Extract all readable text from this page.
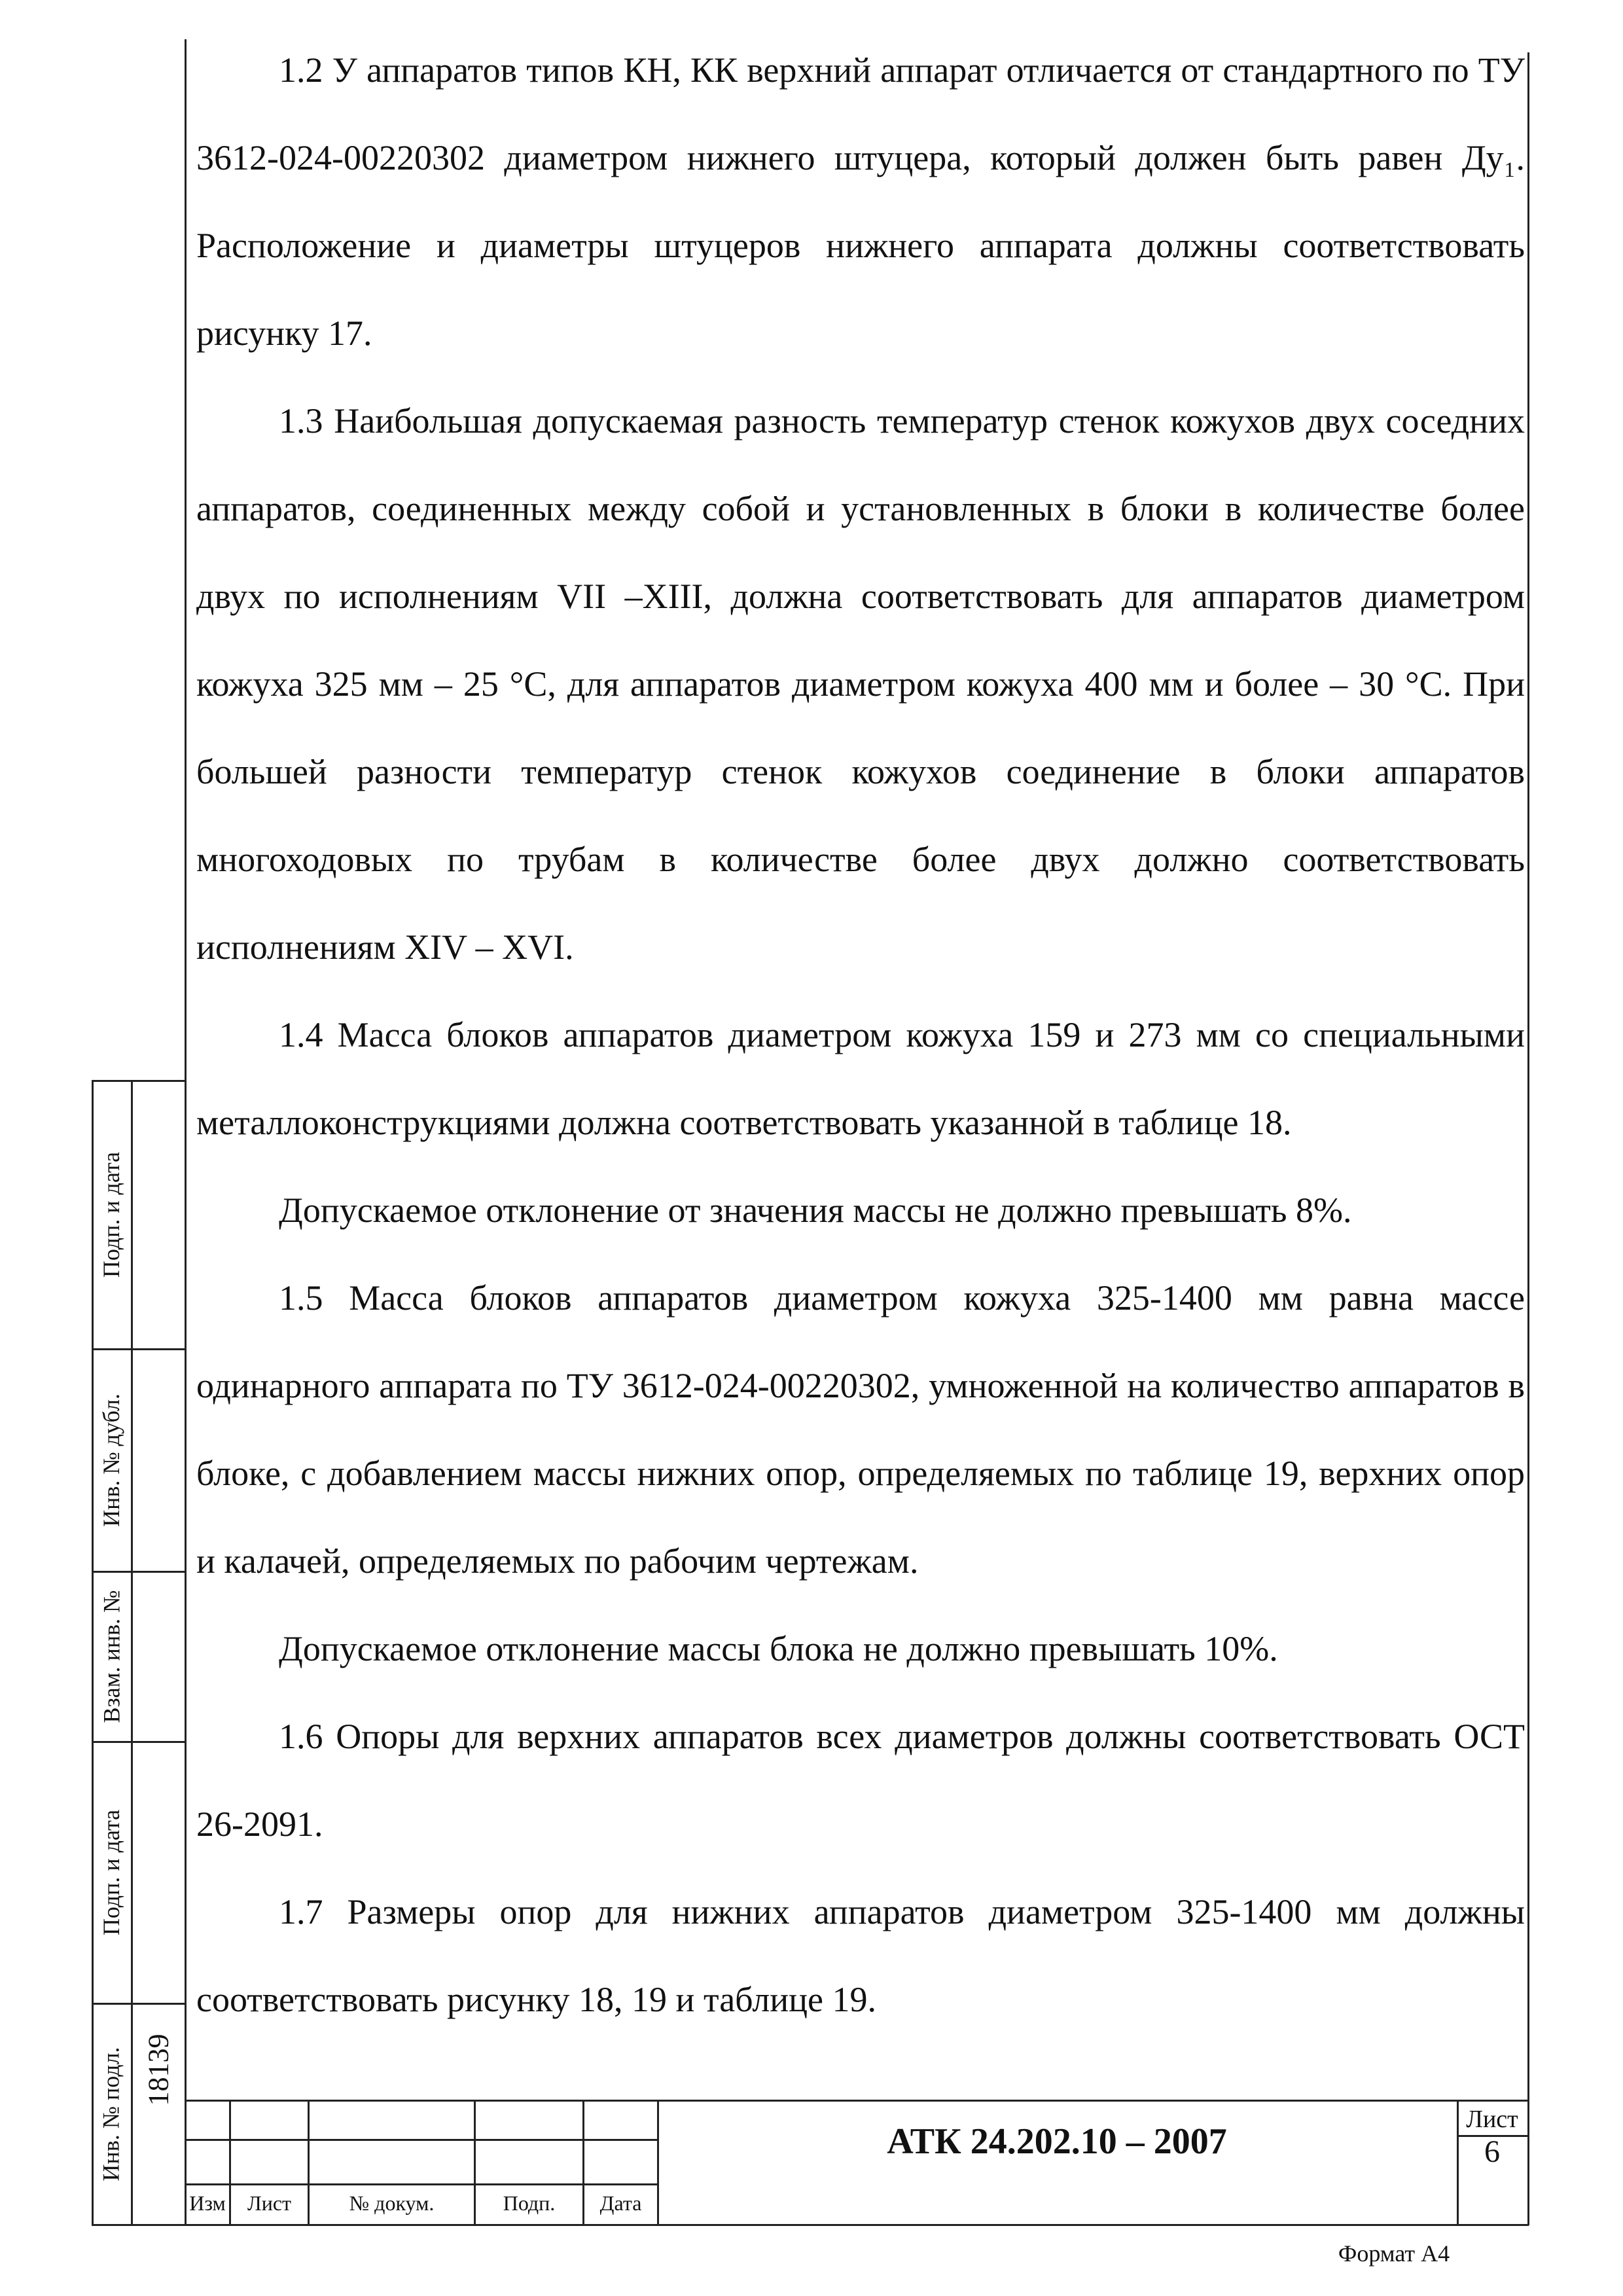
1.2 У аппаратов типов КН, КК верхний аппарат отличается от стандартного по ТУ 3612-024-00220302 диаметром нижнего штуцера, который должен быть равен Ду₁. Расположение и диаметры штуцеров нижнего аппарата должны соответствовать рисунку 17.

1.3 Наибольшая допускаемая разность температур стенок кожухов двух соседних аппаратов, соединенных между собой и установленных в блоки в количестве более двух по исполнениям VII –XIII, должна соответствовать для аппаратов диаметром кожуха 325 мм – 25 °С, для аппаратов диаметром кожуха 400 мм и более – 30 °С. При большей разности температур стенок кожухов соединение в блоки аппаратов многоходовых по трубам в количестве более двух должно соответствовать исполнениям XIV – XVI.

1.4 Масса блоков аппаратов диаметром кожуха 159 и 273 мм со специальными металлоконструкциями должна соответствовать указанной в таблице 18.

Допускаемое отклонение от значения массы не должно превышать 8%.

1.5 Масса блоков аппаратов диаметром кожуха 325-1400 мм равна массе одинарного аппарата по ТУ 3612-024-00220302, умноженной на количество аппаратов в блоке, с добавлением массы нижних опор, определяемых по таблице 19, верхних опор и калачей, определяемых по рабочим чертежам.

Допускаемое отклонение массы блока не должно превышать 10%.

1.6 Опоры для верхних аппаратов всех диаметров должны соответствовать ОСТ 26-2091.

1.7 Размеры опор для нижних аппаратов диаметром 325-1400 мм должны соответствовать рисунку 18, 19 и таблице 19.

Подп. и дата
Инв. № дубл.
Взам. инв. №
Подп. и дата
Инв. № подл. 18139
Изм	Лист	№ докум.	Подп.	Дата
АТК 24.202.10 – 2007
Лист
6
Формат А4
